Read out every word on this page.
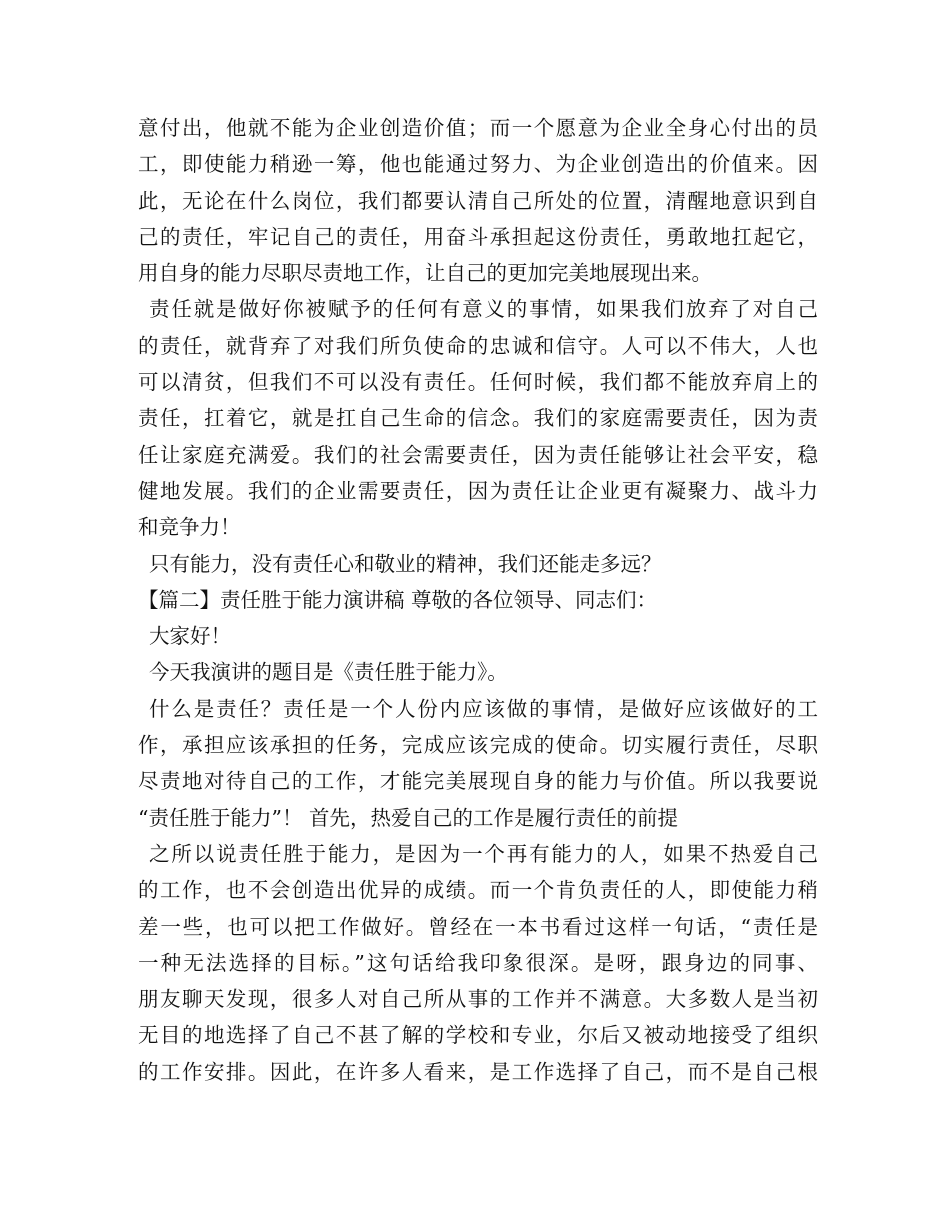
意付出，他就不能为企业创造价值；而一个愿意为企业全身心付出的员
工，即使能力稍逊一筹，他也能通过努力、为企业创造出的价值来。因
此，无论在什么岗位，我们都要认清自己所处的位置，清醒地意识到自
己的责任，牢记自己的责任，用奋斗承担起这份责任，勇敢地扛起它，
用自身的能力尽职尽责地工作，让自己的更加完美地展现出来。
责任就是做好你被赋予的任何有意义的事情，如果我们放弃了对自己
的责任，就背弃了对我们所负使命的忠诚和信守。人可以不伟大，人也
可以清贫，但我们不可以没有责任。任何时候，我们都不能放弃肩上的
责任，扛着它，就是扛自己生命的信念。我们的家庭需要责任，因为责
任让家庭充满爱。我们的社会需要责任，因为责任能够让社会平安，稳
健地发展。我们的企业需要责任，因为责任让企业更有凝聚力、战斗力
和竞争力！
只有能力，没有责任心和敬业的精神，我们还能走多远？
【篇二】责任胜于能力演讲稿 尊敬的各位领导、同志们：
大家好！
今天我演讲的题目是《责任胜于能力》。
什么是责任？责任是一个人份内应该做的事情，是做好应该做好的工
作，承担应该承担的任务，完成应该完成的使命。切实履行责任，尽职
尽责地对待自己的工作，才能完美展现自身的能力与价值。所以我要说
“责任胜于能力”！ 首先，热爱自己的工作是履行责任的前提
之所以说责任胜于能力，是因为一个再有能力的人，如果不热爱自己
的工作，也不会创造出优异的成绩。而一个肯负责任的人，即使能力稍
差一些，也可以把工作做好。曾经在一本书看过这样一句话，“责任是
一种无法选择的目标。”这句话给我印象很深。是呀，跟身边的同事、
朋友聊天发现，很多人对自己所从事的工作并不满意。大多数人是当初
无目的地选择了自己不甚了解的学校和专业，尔后又被动地接受了组织
的工作安排。因此，在许多人看来，是工作选择了自己，而不是自己根
